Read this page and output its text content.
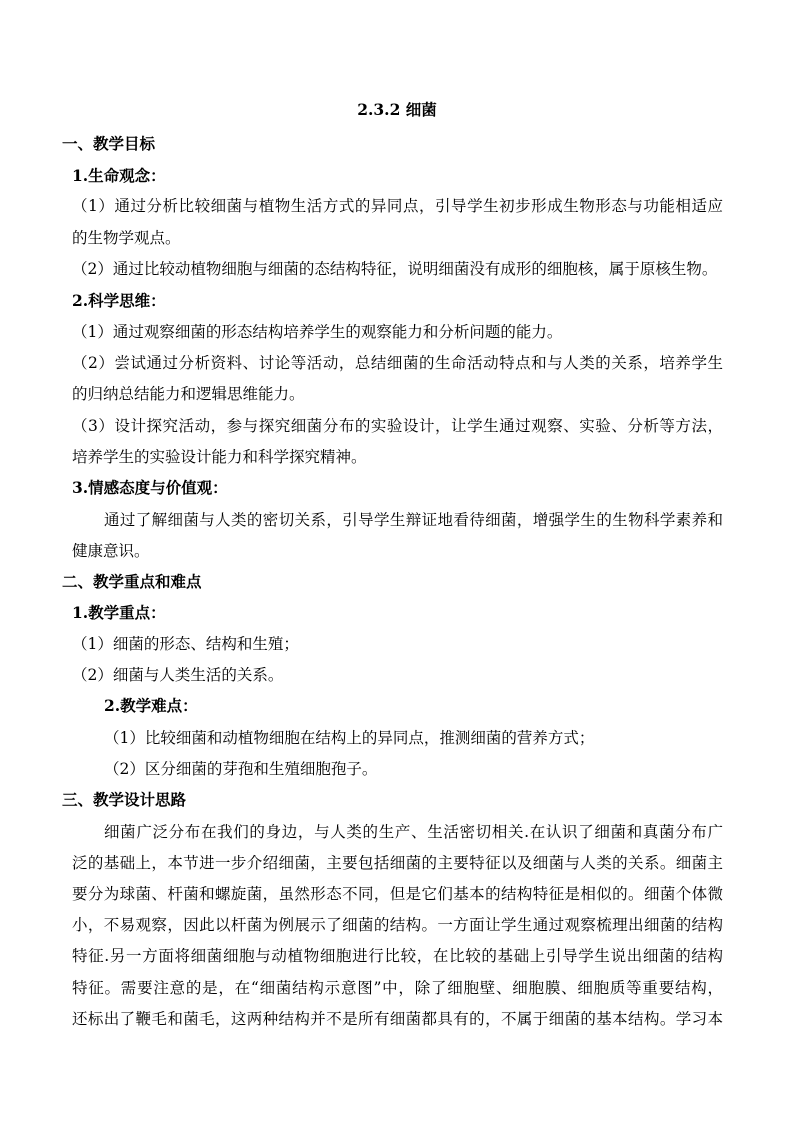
2.3.2 细菌
一、教学目标
1.生命观念：
（1）通过分析比较细菌与植物生活方式的异同点，引导学生初步形成生物形态与功能相适应
的生物学观点。
（2）通过比较动植物细胞与细菌的态结构特征，说明细菌没有成形的细胞核，属于原核生物。
2.科学思维：
（1）通过观察细菌的形态结构培养学生的观察能力和分析问题的能力。
（2）尝试通过分析资料、讨论等活动，总结细菌的生命活动特点和与人类的关系，培养学生
的归纳总结能力和逻辑思维能力。
（3）设计探究活动，参与探究细菌分布的实验设计，让学生通过观察、实验、分析等方法，
培养学生的实验设计能力和科学探究精神。
3.情感态度与价值观：
通过了解细菌与人类的密切关系，引导学生辩证地看待细菌，增强学生的生物科学素养和
健康意识。
二、教学重点和难点
1.教学重点：
（1）细菌的形态、结构和生殖；
（2）细菌与人类生活的关系。
2.教学难点：
（1）比较细菌和动植物细胞在结构上的异同点，推测细菌的营养方式；
（2）区分细菌的芽孢和生殖细胞孢子。
三、教学设计思路
细菌广泛分布在我们的身边，与人类的生产、生活密切相关.在认识了细菌和真菌分布广
泛的基础上，本节进一步介绍细菌，主要包括细菌的主要特征以及细菌与人类的关系。细菌主
要分为球菌、杆菌和螺旋菌，虽然形态不同，但是它们基本的结构特征是相似的。细菌个体微
小，不易观察，因此以杆菌为例展示了细菌的结构。一方面让学生通过观察梳理出细菌的结构
特征.另一方面将细菌细胞与动植物细胞进行比较，在比较的基础上引导学生说出细菌的结构
特征。需要注意的是，在“细菌结构示意图”中，除了细胞壁、细胞膜、细胞质等重要结构，
还标出了鞭毛和菌毛，这两种结构并不是所有细菌都具有的，不属于细菌的基本结构。学习本
